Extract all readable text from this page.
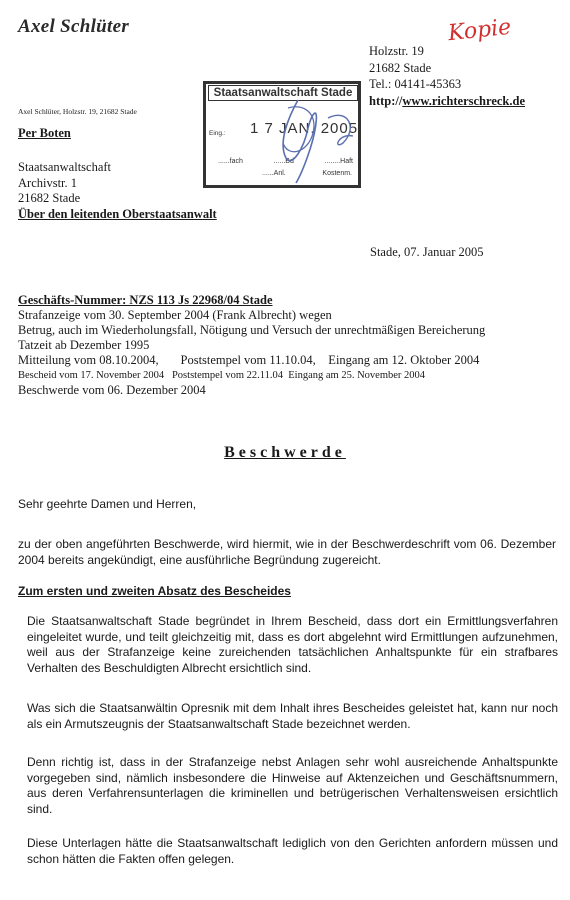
Axel Schlüter	Kopie
Holzstr. 19
21682 Stade
Tel.: 04141-45363
http://www.richterschreck.de
Axel Schlüter, Holzstr. 19, 21682 Stade
Staatsanwaltschaft Stade
Eing.: 1 7 JAN. 2005
......fach	......Bd	........Haft
......Anl.	Kostenm.
Per Boten
Staatsanwaltschaft
Archivstr. 1
21682 Stade
Über den leitenden Oberstaatsanwalt
Stade, 07. Januar 2005
Geschäfts-Nummer: NZS 113 Js 22968/04 Stade
Strafanzeige vom 30. September 2004 (Frank Albrecht) wegen
Betrug, auch im Wiederholungsfall, Nötigung und Versuch der unrechtmäßigen Bereicherung
Tatzeit ab Dezember 1995
Mitteilung vom 08.10.2004,       Poststempel vom 11.10.04,    Eingang am 12. Oktober 2004
Bescheid vom 17. November 2004   Poststempel vom 22.11.04  Eingang am 25. November 2004
Beschwerde vom 06. Dezember 2004
Beschwerde
Sehr geehrte Damen und Herren,
zu der oben angeführten Beschwerde, wird hiermit, wie in der Beschwerdeschrift vom 06. Dezember 2004 bereits angekündigt, eine ausführliche Begründung zugereicht.
Zum ersten und zweiten Absatz des Bescheides
Die Staatsanwaltschaft Stade begründet in Ihrem Bescheid, dass dort ein Ermittlungsverfahren eingeleitet wurde, und teilt gleichzeitig mit, dass es dort abgelehnt wird Ermittlungen aufzunehmen, weil aus der Strafanzeige keine zureichenden tatsächlichen Anhaltspunkte für ein strafbares Verhalten des Beschuldigten Albrecht ersichtlich sind.
Was sich die Staatsanwältin Opresnik mit dem Inhalt ihres Bescheides geleistet hat, kann nur noch als ein Armutszeugnis der Staatsanwaltschaft Stade bezeichnet werden.
Denn richtig ist, dass in der Strafanzeige nebst Anlagen sehr wohl ausreichende Anhaltspunkte vorgegeben sind, nämlich insbesondere die Hinweise auf Aktenzeichen und Geschäftsnummern, aus deren Verfahrensunterlagen die kriminellen und betrügerischen Verhaltensweisen ersichtlich sind.
Diese Unterlagen hätte die Staatsanwaltschaft lediglich von den Gerichten anfordern müssen und schon hätten die Fakten offen gelegen.
